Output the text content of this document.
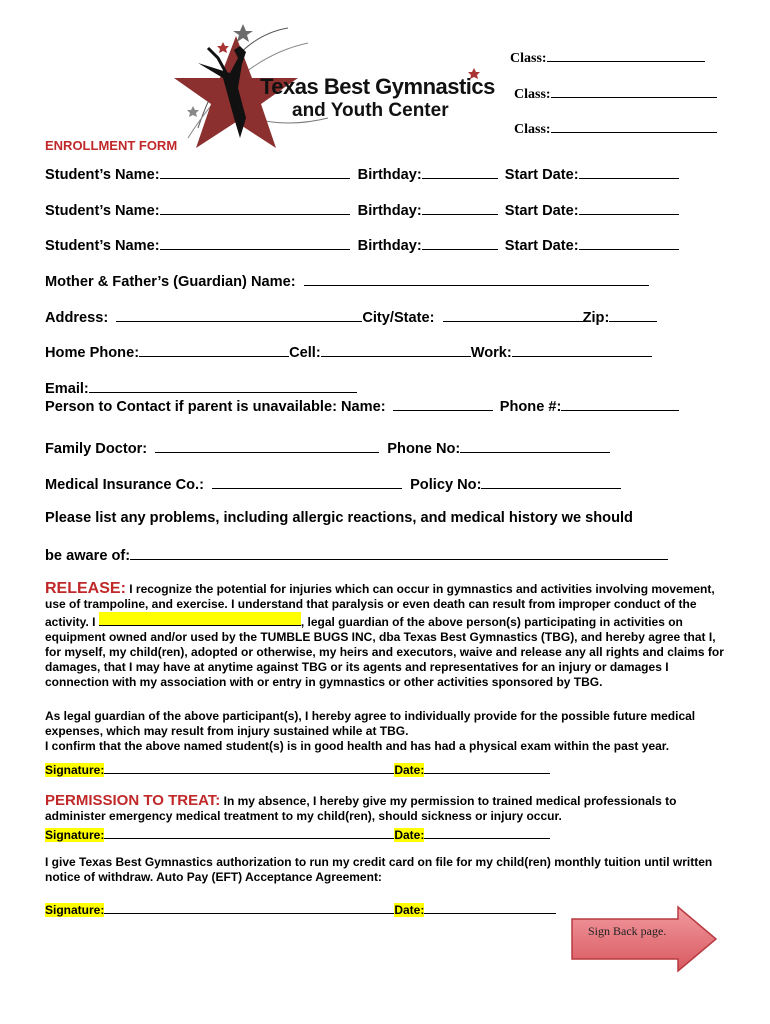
Texas Best Gymnastics
and Youth Center
Class:
Class:
Class:
ENROLLMENT FORM
Student’s Name:	Birthday:	Start Date:
Student’s Name:	Birthday:	Start Date:
Student’s Name:	Birthday:	Start Date:
Mother & Father’s (Guardian) Name:
Address:	City/State:	Zip:
Home Phone:	Cell:	Work:
Email:
Person to Contact if parent is unavailable: Name:	Phone #:
Family Doctor:	Phone No:
Medical Insurance Co.:	Policy No:
Please list any problems, including allergic reactions, and medical history we should
be aware of:
RELEASE: I recognize the potential for injuries which can occur in gymnastics and activities involving movement, use of trampoline, and exercise. I understand that paralysis or even death can result from improper conduct of the activity. I	, legal guardian of the above person(s) participating in activities on equipment owned and/or used by the TUMBLE BUGS INC, dba Texas Best Gymnastics (TBG), and hereby agree that I, for myself, my child(ren), adopted or otherwise, my heirs and executors, waive and release any all rights and claims for damages, that I may have at anytime against TBG or its agents and representatives for an injury or damages I connection with my association with or entry in gymnastics or other activities sponsored by TBG.
As legal guardian of the above participant(s), I hereby agree to individually provide for the possible future medical expenses, which may result from injury sustained while at TBG.
I confirm that the above named student(s) is in good health and has had a physical exam within the past year.
Signature:	Date:
PERMISSION TO TREAT: In my absence, I hereby give my permission to trained medical professionals to administer emergency medical treatment to my child(ren), should sickness or injury occur.
Signature:	Date:
I give Texas Best Gymnastics authorization to run my credit card on file for my child(ren) monthly tuition until written notice of withdraw. Auto Pay (EFT) Acceptance Agreement:
Signature:	Date:
Sign Back page.
